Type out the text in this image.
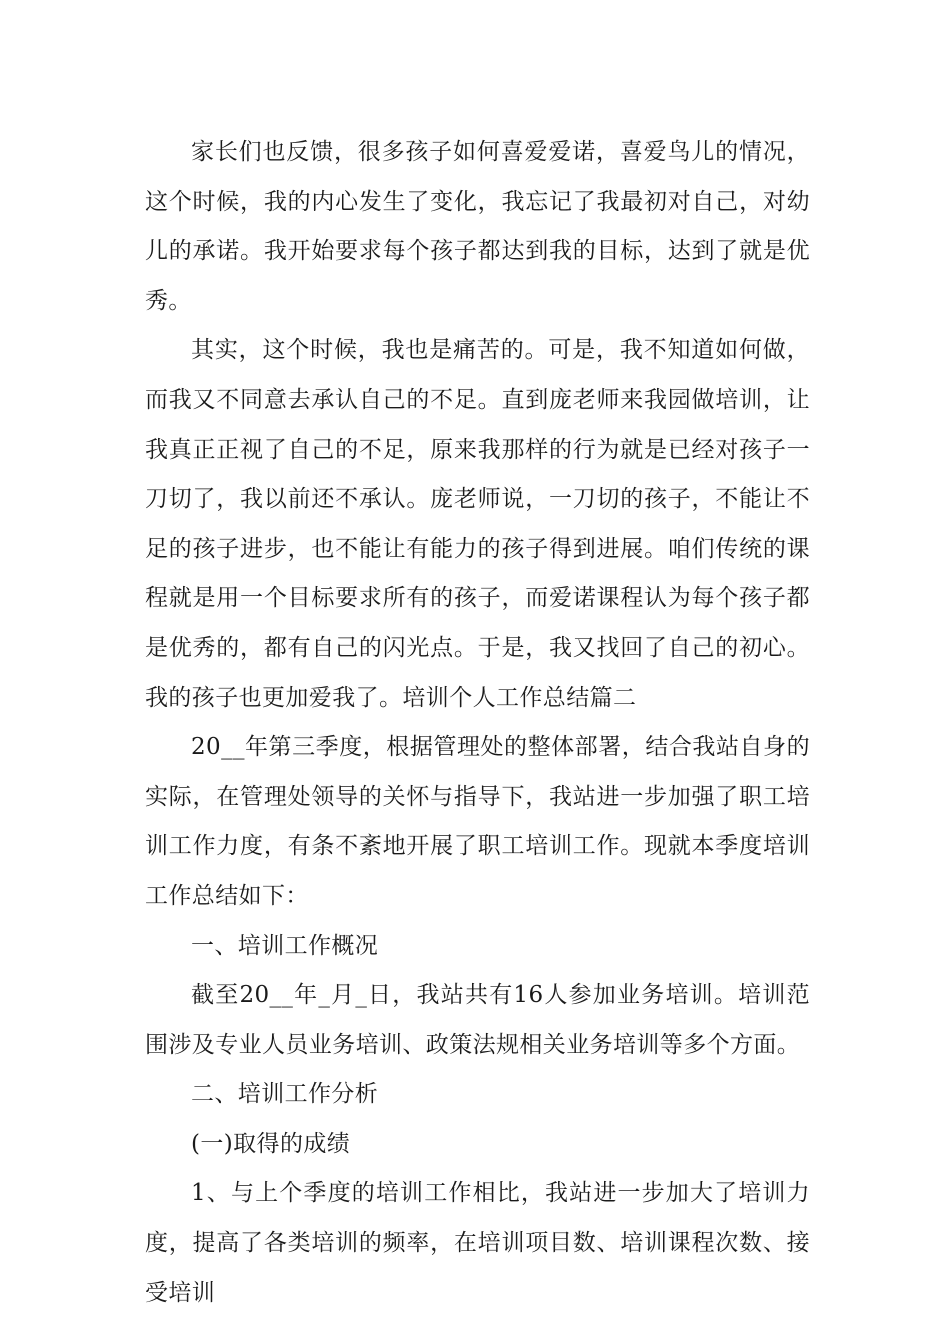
家长们也反馈，很多孩子如何喜爱爱诺，喜爱鸟儿的情况，这个时候，我的内心发生了变化，我忘记了我最初对自己，对幼儿的承诺。我开始要求每个孩子都达到我的目标，达到了就是优秀。

其实，这个时候，我也是痛苦的。可是，我不知道如何做，而我又不同意去承认自己的不足。直到庞老师来我园做培训，让我真正正视了自己的不足，原来我那样的行为就是已经对孩子一刀切了，我以前还不承认。庞老师说，一刀切的孩子，不能让不足的孩子进步，也不能让有能力的孩子得到进展。咱们传统的课程就是用一个目标要求所有的孩子，而爱诺课程认为每个孩子都是优秀的，都有自己的闪光点。于是，我又找回了自己的初心。我的孩子也更加爱我了。培训个人工作总结篇二

20__年第三季度，根据管理处的整体部署，结合我站自身的实际，在管理处领导的关怀与指导下，我站进一步加强了职工培训工作力度，有条不紊地开展了职工培训工作。现就本季度培训工作总结如下：

一、培训工作概况

截至20__年_月_日，我站共有16人参加业务培训。培训范围涉及专业人员业务培训、政策法规相关业务培训等多个方面。

二、培训工作分析

(一)取得的成绩

1、与上个季度的培训工作相比，我站进一步加大了培训力度，提高了各类培训的频率，在培训项目数、培训课程次数、接受培训
